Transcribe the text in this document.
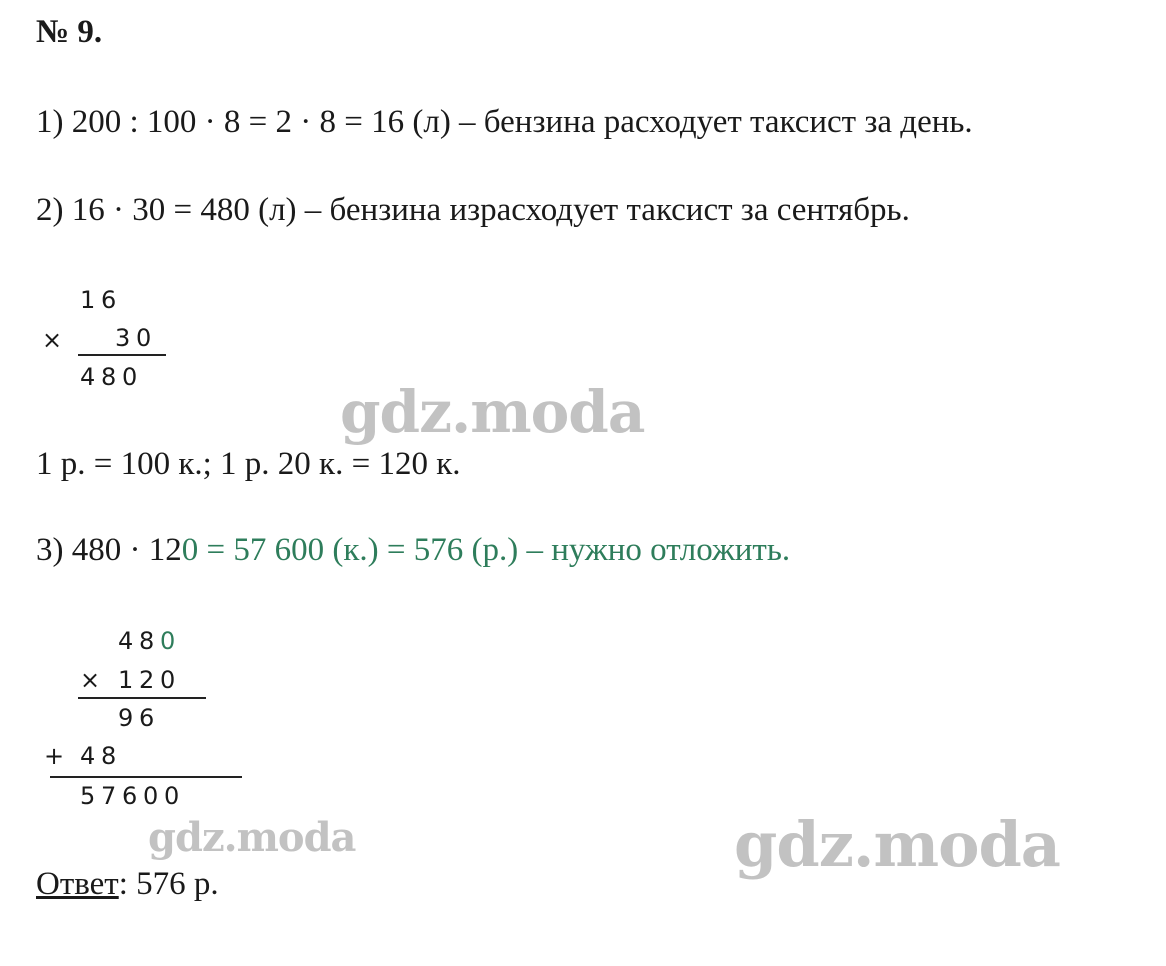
№ 9.
1) 200 : 100 · 8 = 2 · 8 = 16 (л) – бензина расходует таксист за день.
2) 16 · 30 = 480 (л) – бензина израсходует таксист за сентябрь.
1 6
× 3 0
4 8 0
gdz.moda
1 р. = 100 к.; 1 р. 20 к. = 120 к.
3) 480 · 120 = 57 600 (к.) = 576 (р.) – нужно отложить.
4 8 0
× 1 2 0
9 6
+ 4 8
5 7 6 0 0
gdz.moda	gdz.moda
Ответ: 576 р.
